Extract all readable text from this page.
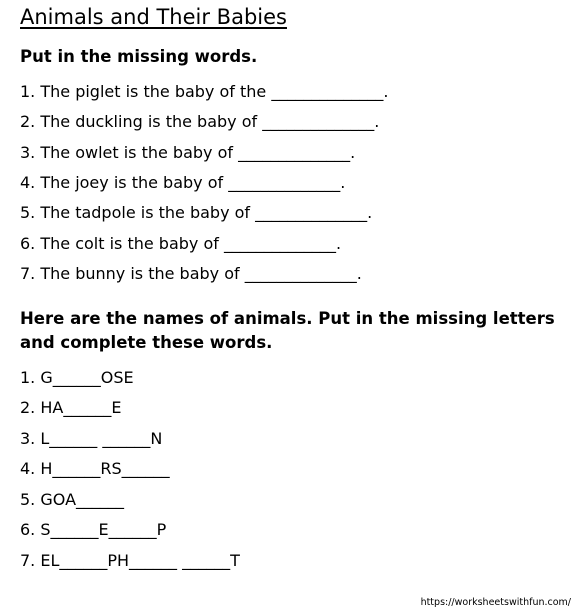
Animals and Their Babies
Put in the missing words.
1. The piglet is the baby of the ______________.
2. The duckling is the baby of ______________.
3. The owlet is the baby of ______________.
4. The joey is the baby of ______________.
5. The tadpole is the baby of ______________.
6. The colt is the baby of ______________.
7. The bunny is the baby of ______________.
Here are the names of animals. Put in the missing letters
and complete these words.
1. G______OSE
2. HA______E
3. L______ ______N
4. H______RS______
5. GOA______
6. S______E______P
7. EL______PH______ ______T
https://worksheetswithfun.com/
